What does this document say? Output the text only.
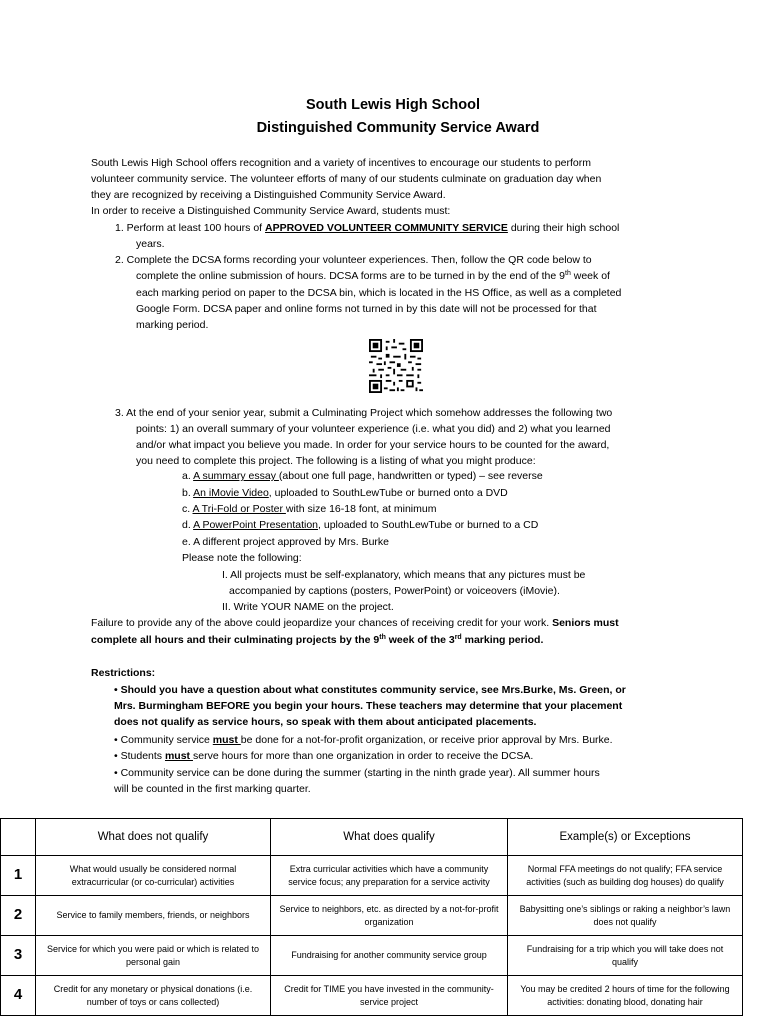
South Lewis High School
Distinguished Community Service Award
South Lewis High School offers recognition and a variety of incentives to encourage our students to perform
volunteer community service. The volunteer efforts of many of our students culminate on graduation day when
they are recognized by receiving a Distinguished Community Service Award.
In order to receive a Distinguished Community Service Award, students must:
1. Perform at least 100 hours of APPROVED VOLUNTEER COMMUNITY SERVICE during their high school
years.
2. Complete the DCSA forms recording your volunteer experiences. Then, follow the QR code below to
complete the online submission of hours. DCSA forms are to be turned in by the end of the 9th week of
each marking period on paper to the DCSA bin, which is located in the HS Office, as well as a completed
Google Form. DCSA paper and online forms not turned in by this date will not be processed for that
marking period.
3. At the end of your senior year, submit a Culminating Project which somehow addresses the following two
points: 1) an overall summary of your volunteer experience (i.e. what you did) and 2) what you learned
and/or what impact you believe you made. In order for your service hours to be counted for the award,
you need to complete this project. The following is a listing of what you might produce:
a. A summary essay (about one full page, handwritten or typed) – see reverse
b. An iMovie Video, uploaded to SouthLewTube or burned onto a DVD
c. A Tri-Fold or Poster with size 16-18 font, at minimum
d. A PowerPoint Presentation, uploaded to SouthLewTube or burned to a CD
e. A different project approved by Mrs. Burke
Please note the following:
I. All projects must be self-explanatory, which means that any pictures must be
accompanied by captions (posters, PowerPoint) or voiceovers (iMovie).
II. Write YOUR NAME on the project.
Failure to provide any of the above could jeopardize your chances of receiving credit for your work. Seniors must
complete all hours and their culminating projects by the 9th week of the 3rd marking period.
Restrictions:
• Should you have a question about what constitutes community service, see Mrs.Burke, Ms. Green, or
Mrs. Burmingham BEFORE you begin your hours. These teachers may determine that your placement
does not qualify as service hours, so speak with them about anticipated placements.
• Community service must be done for a not-for-profit organization, or receive prior approval by Mrs. Burke.
• Students must serve hours for more than one organization in order to receive the DCSA.
• Community service can be done during the summer (starting in the ninth grade year). All summer hours
will be counted in the first marking quarter.
	What does not qualify	What does qualify	Example(s) or Exceptions
1	What would usually be considered normal extracurricular (or co-curricular) activities	Extra curricular activities which have a community service focus; any preparation for a service activity	Normal FFA meetings do not qualify; FFA service activities (such as building dog houses) do qualify
2	Service to family members, friends, or neighbors	Service to neighbors, etc. as directed by a not-for-profit organization	Babysitting one’s siblings or raking a neighbor’s lawn does not qualify
3	Service for which you were paid or which is related to personal gain	Fundraising for another community service group	Fundraising for a trip which you will take does not qualify
4	Credit for any monetary or physical donations (i.e. number of toys or cans collected)	Credit for TIME you have invested in the community-service project	You may be credited 2 hours of time for the following activities: donating blood, donating hair
